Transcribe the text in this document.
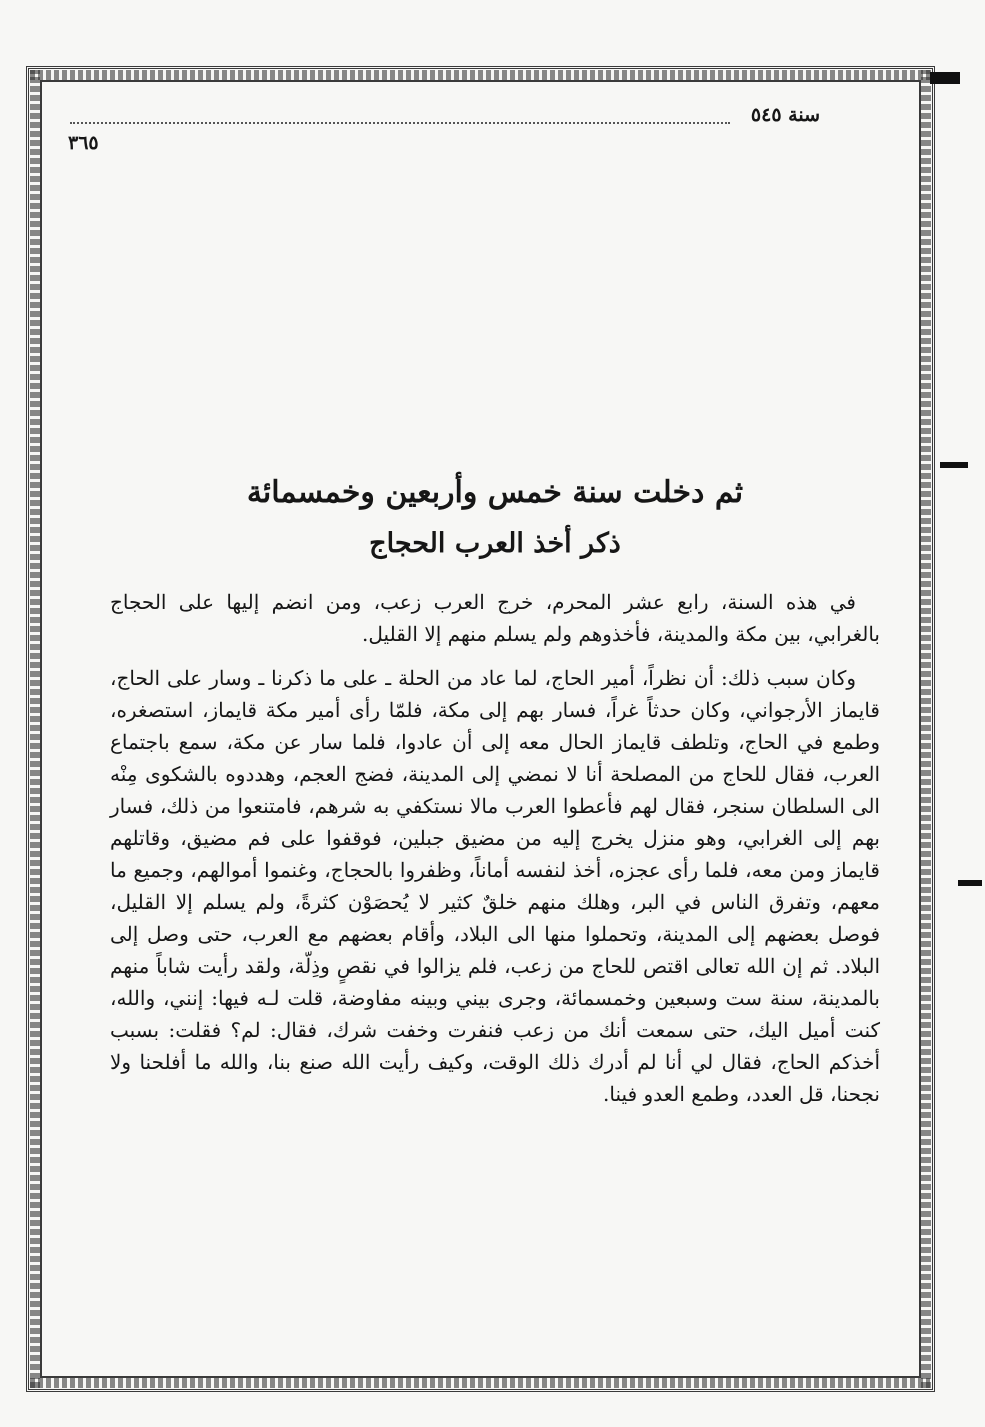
سنة ٥٤٥
٣٦٥
ثم دخلت سنة خمس وأربعين وخمسمائة
ذكر أخذ العرب الحجاج

في هذه السنة، رابع عشر المحرم، خرج العرب زعب، ومن انضم إليها على الحجاج بالغرابي، بين مكة والمدينة، فأخذوهم ولم يسلم منهم إلا القليل.

وكان سبب ذلك: أن نظراً، أمير الحاج، لما عاد من الحلة ـ على ما ذكرنا ـ وسار على الحاج، قايماز الأرجواني، وكان حدثاً غراً، فسار بهم إلى مكة، فلمّا رأى أمير مكة قايماز، استصغره، وطمع في الحاج، وتلطف قايماز الحال معه إلى أن عادوا، فلما سار عن مكة، سمع باجتماع العرب، فقال للحاج من المصلحة أنا لا نمضي إلى المدينة، فضج العجم، وهددوه بالشكوى مِنْه الى السلطان سنجر، فقال لهم فأعطوا العرب مالا نستكفي به شرهم، فامتنعوا من ذلك، فسار بهم إلى الغرابي، وهو منزل يخرج إليه من مضيق جبلين، فوقفوا على فم مضيق، وقاتلهم قايماز ومن معه، فلما رأى عجزه، أخذ لنفسه أماناً، وظفروا بالحجاج، وغنموا أموالهم، وجميع ما معهم، وتفرق الناس في البر، وهلك منهم خلقٌ كثير لا يُحصَوْن كثرةً، ولم يسلم إلا القليل، فوصل بعضهم إلى المدينة، وتحملوا منها الى البلاد، وأقام بعضهم مع العرب، حتى وصل إلى البلاد. ثم إن الله تعالى اقتص للحاج من زعب، فلم يزالوا في نقصٍ وذِلّة، ولقد رأيت شاباً منهم بالمدينة، سنة ست وسبعين وخمسمائة، وجرى بيني وبينه مفاوضة، قلت لـه فيها: إنني، والله، كنت أميل اليك، حتى سمعت أنك من زعب فنفرت وخفت شرك، فقال: لم؟ فقلت: بسبب أخذكم الحاج، فقال لي أنا لم أدرك ذلك الوقت، وكيف رأيت الله صنع بنا، والله ما أفلحنا ولا نجحنا، قل العدد، وطمع العدو فينا.
